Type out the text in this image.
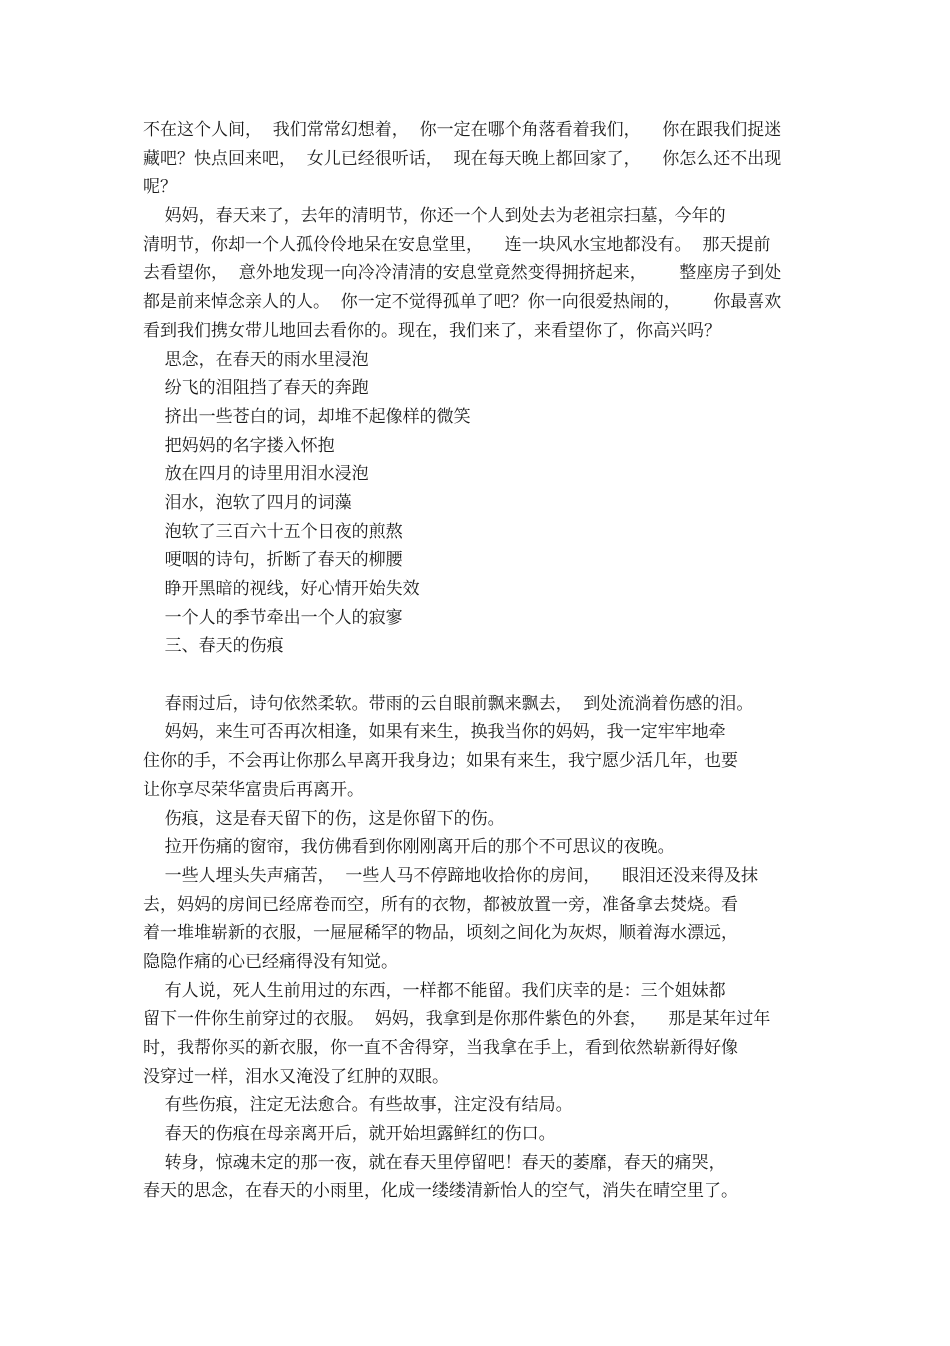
不在这个人间，  我们常常幻想着，  你一定在哪个角落看着我们，    你在跟我们捉迷
藏吧？快点回来吧，  女儿已经很听话，  现在每天晚上都回家了，    你怎么还不出现
呢？
妈妈，春天来了，去年的清明节，你还一个人到处去为老祖宗扫墓，今年的
清明节，你却一个人孤伶伶地呆在安息堂里，    连一块风水宝地都没有。  那天提前
去看望你，  意外地发现一向冷冷清清的安息堂竟然变得拥挤起来，      整座房子到处
都是前来悼念亲人的人。  你一定不觉得孤单了吧？你一向很爱热闹的，      你最喜欢
看到我们携女带儿地回去看你的。现在，我们来了，来看望你了，你高兴吗？
思念，在春天的雨水里浸泡
纷飞的泪阻挡了春天的奔跑
挤出一些苍白的词，却堆不起像样的微笑
把妈妈的名字搂入怀抱
放在四月的诗里用泪水浸泡
泪水，泡软了四月的词藻
泡软了三百六十五个日夜的煎熬
哽咽的诗句，折断了春天的柳腰
睁开黑暗的视线，好心情开始失效
一个人的季节牵出一个人的寂寥
三、春天的伤痕
春雨过后，诗句依然柔软。带雨的云自眼前飘来飘去，  到处流淌着伤感的泪。
妈妈，来生可否再次相逢，如果有来生，换我当你的妈妈，我一定牢牢地牵
住你的手，不会再让你那么早离开我身边；如果有来生，我宁愿少活几年，也要
让你享尽荣华富贵后再离开。
伤痕，这是春天留下的伤，这是你留下的伤。
拉开伤痛的窗帘，我仿佛看到你刚刚离开后的那个不可思议的夜晚。
一些人埋头失声痛苦，  一些人马不停蹄地收拾你的房间，    眼泪还没来得及抹
去，妈妈的房间已经席卷而空，所有的衣物，都被放置一旁，准备拿去焚烧。看
着一堆堆崭新的衣服，一屉屉稀罕的物品，顷刻之间化为灰烬，顺着海水漂远，
隐隐作痛的心已经痛得没有知觉。
有人说，死人生前用过的东西，一样都不能留。我们庆幸的是：三个姐妹都
留下一件你生前穿过的衣服。  妈妈，我拿到是你那件紫色的外套，    那是某年过年
时，我帮你买的新衣服，你一直不舍得穿，当我拿在手上，看到依然崭新得好像
没穿过一样，泪水又淹没了红肿的双眼。
有些伤痕，注定无法愈合。有些故事，注定没有结局。
春天的伤痕在母亲离开后，就开始坦露鲜红的伤口。
转身，惊魂未定的那一夜，就在春天里停留吧！春天的萎靡，春天的痛哭，
春天的思念，在春天的小雨里，化成一缕缕清新怡人的空气，消失在晴空里了。
